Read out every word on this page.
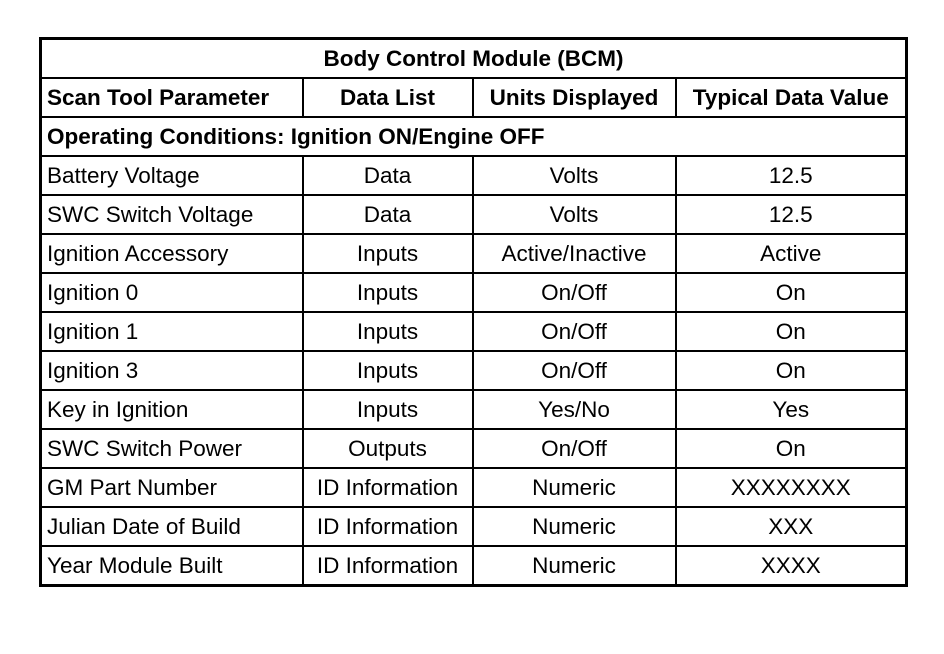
Body Control Module (BCM)			
Scan Tool Parameter	Data List	Units Displayed	Typical Data Value
Operating Conditions: Ignition ON/Engine OFF			
Battery Voltage	Data	Volts	12.5
SWC Switch Voltage	Data	Volts	12.5
Ignition Accessory	Inputs	Active/Inactive	Active
Ignition 0	Inputs	On/Off	On
Ignition 1	Inputs	On/Off	On
Ignition 3	Inputs	On/Off	On
Key in Ignition	Inputs	Yes/No	Yes
SWC Switch Power	Outputs	On/Off	On
GM Part Number	ID Information	Numeric	XXXXXXXX
Julian Date of Build	ID Information	Numeric	XXX
Year Module Built	ID Information	Numeric	XXXX
